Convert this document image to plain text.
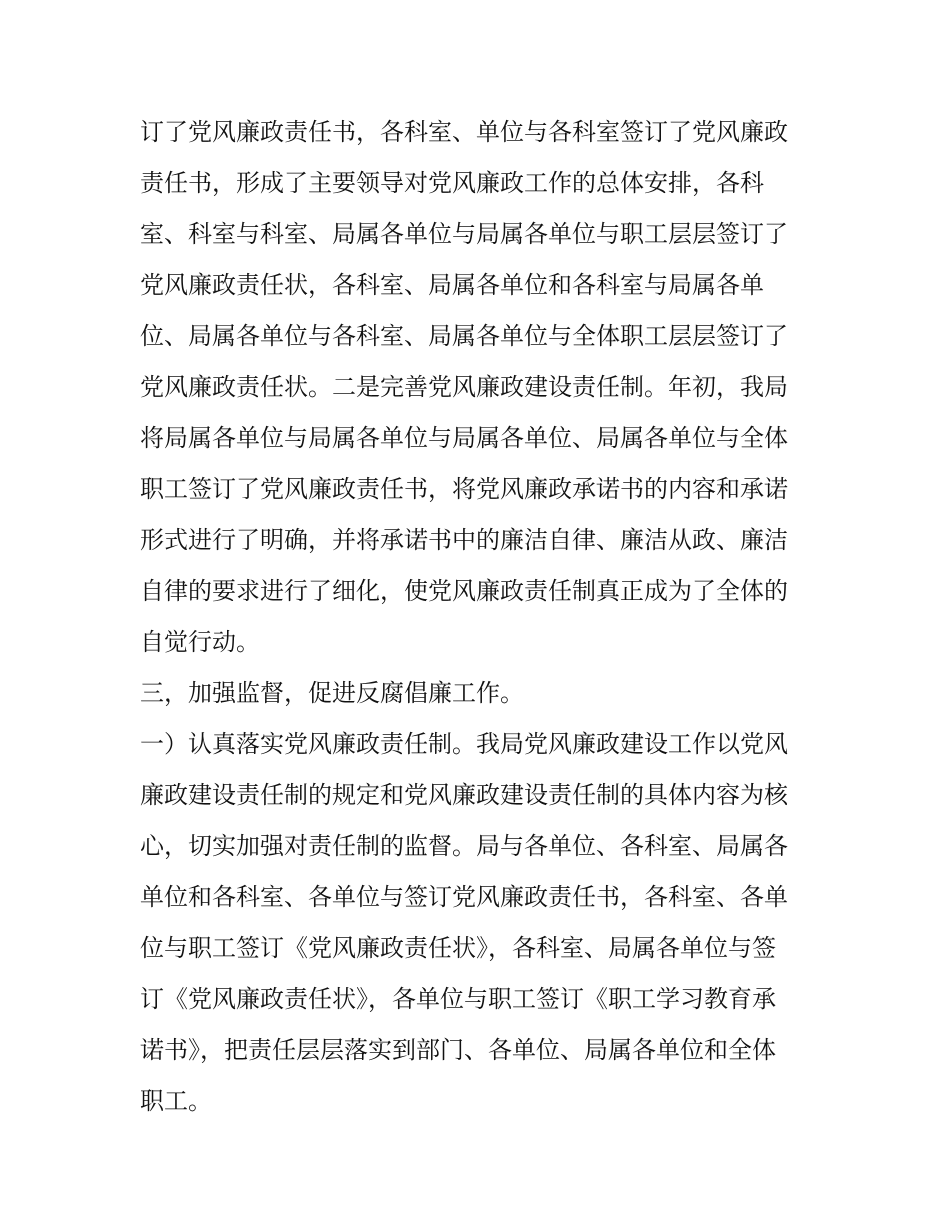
订了党风廉政责任书，各科室、单位与各科室签订了党风廉政
责任书，形成了主要领导对党风廉政工作的总体安排，各科
室、科室与科室、局属各单位与局属各单位与职工层层签订了
党风廉政责任状，各科室、局属各单位和各科室与局属各单
位、局属各单位与各科室、局属各单位与全体职工层层签订了
党风廉政责任状。二是完善党风廉政建设责任制。年初，我局
将局属各单位与局属各单位与局属各单位、局属各单位与全体
职工签订了党风廉政责任书，将党风廉政承诺书的内容和承诺
形式进行了明确，并将承诺书中的廉洁自律、廉洁从政、廉洁
自律的要求进行了细化，使党风廉政责任制真正成为了全体的
自觉行动。
三，加强监督，促进反腐倡廉工作。
一）认真落实党风廉政责任制。我局党风廉政建设工作以党风
廉政建设责任制的规定和党风廉政建设责任制的具体内容为核
心，切实加强对责任制的监督。局与各单位、各科室、局属各
单位和各科室、各单位与签订党风廉政责任书，各科室、各单
位与职工签订《党风廉政责任状》，各科室、局属各单位与签
订《党风廉政责任状》，各单位与职工签订《职工学习教育承
诺书》，把责任层层落实到部门、各单位、局属各单位和全体
职工。
